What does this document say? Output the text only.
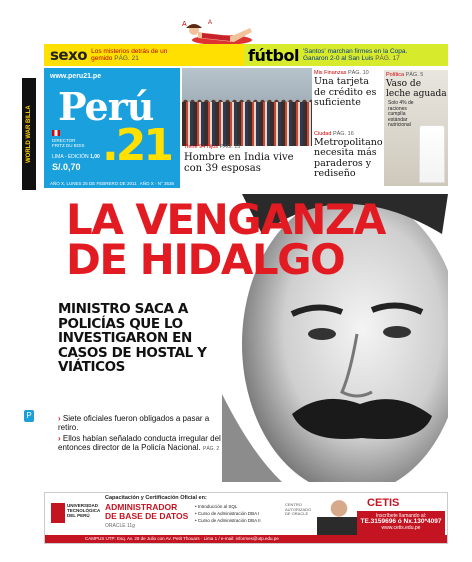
WORLD WAR BILLA
P
A	A
sexo Los misterios detrás de un gemido PÁG. 21	fútbol 'Santos' marchan firmes en la Copa. Ganaron 2-0 al San Luis PÁG. 17
www.peru21.pe
Perú
.21
DIRECTOR
FRITZ DU BOIS
LIMA - EDICIÓN 1,00
S/.0,70
AÑO X, LUNES 25 DE FEBRERO DE 2011 AÑO X · N° 3536
Tiene 94 hijos PÁG. 13
Hombre en India vive con 39 esposas
Mis Finanzas PÁG. 10
Una tarjeta de crédito es suficiente
Ciudad PÁG. 16
Metropolitano necesita más paraderos y rediseño
Política PÁG. 5
Vaso de leche aguada
Solo 4% de raciones cumplía estándar nutricional
LA VENGANZA
DE HIDALGO
MINISTRO SACA A POLICÍAS QUE LO INVESTIGARON EN CASOS DE HOSTAL Y VIÁTICOS
› Siete oficiales fueron obligados a pasar a retiro.
› Ellos habían señalado conducta irregular del entonces director de la Policía Nacional. PÁG. 2
Capacitación y Certificación Oficial en:
UNIVERSIDAD TECNOLÓGICA DEL PERÚ
ADMINISTRADOR DE BASE DE DATOS
ORACLE 11g
• Introducción al SQL
• Curso de Administración DBA I
• Curso de Administración DBA II
CENTRO AUTORIZADO DE ORACLE
CETIS
Inscríbete llamando al:
TE.3159696 ó Nx.130*4097
www.cetis.edu.pe
CAMPUS UTP: Esq. Av. 28 de Julio con Av. Petit Thouars · Lima 1 / e-mail: informes@utp.edu.pe
